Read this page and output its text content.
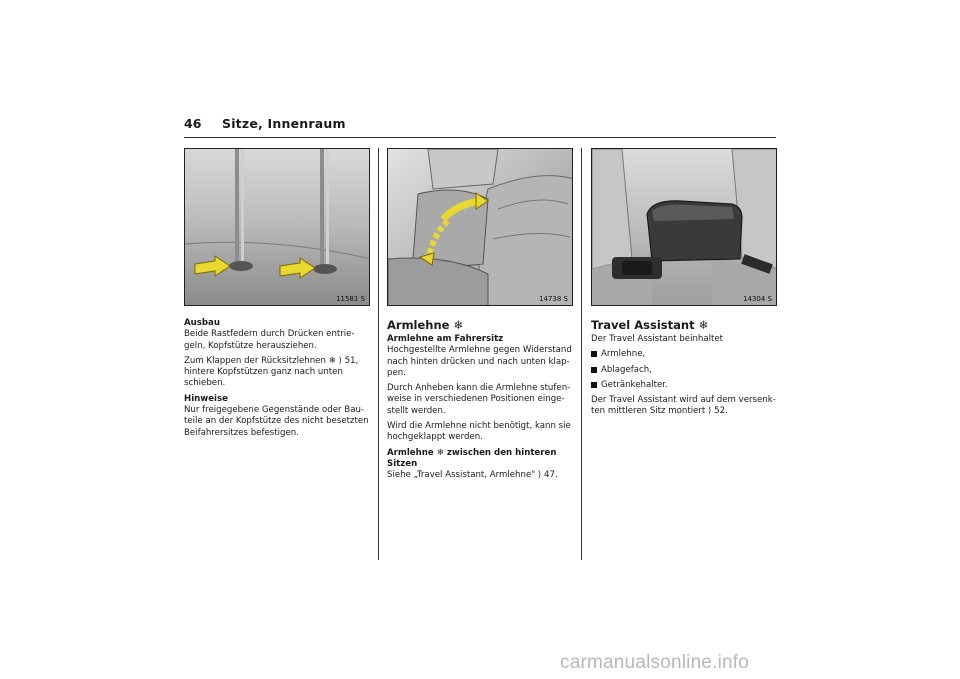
46 Sitze, Innenraum
11581 S	14738 S	14304 S
Ausbau

Beide Rastfedern durch Drücken entrie-geln, Kopfstütze herausziehen.

Zum Klappen der Rücksitzlehnen ❄ ⟩ 51, hintere Kopfstützen ganz nach unten schieben.

Hinweise

Nur freigegebene Gegenstände oder Bau-teile an der Kopfstütze des nicht besetzten Beifahrersitzes befestigen.

Armlehne ❄
Armlehne am Fahrersitz

Hochgestellte Armlehne gegen Widerstand nach hinten drücken und nach unten klap-pen.

Durch Anheben kann die Armlehne stufen-weise in verschiedenen Positionen einge-stellt werden.

Wird die Armlehne nicht benötigt, kann sie hochgeklappt werden.

Armlehne ❄ zwischen den hinteren Sitzen

Siehe „Travel Assistant, Armlehne" ⟩ 47.

Travel Assistant ❄

Der Travel Assistant beinhaltet

Armlehne,
Ablagefach,
Getränkehalter.

Der Travel Assistant wird auf dem versenk-ten mittleren Sitz montiert ⟩ 52.

carmanualsonline.info
